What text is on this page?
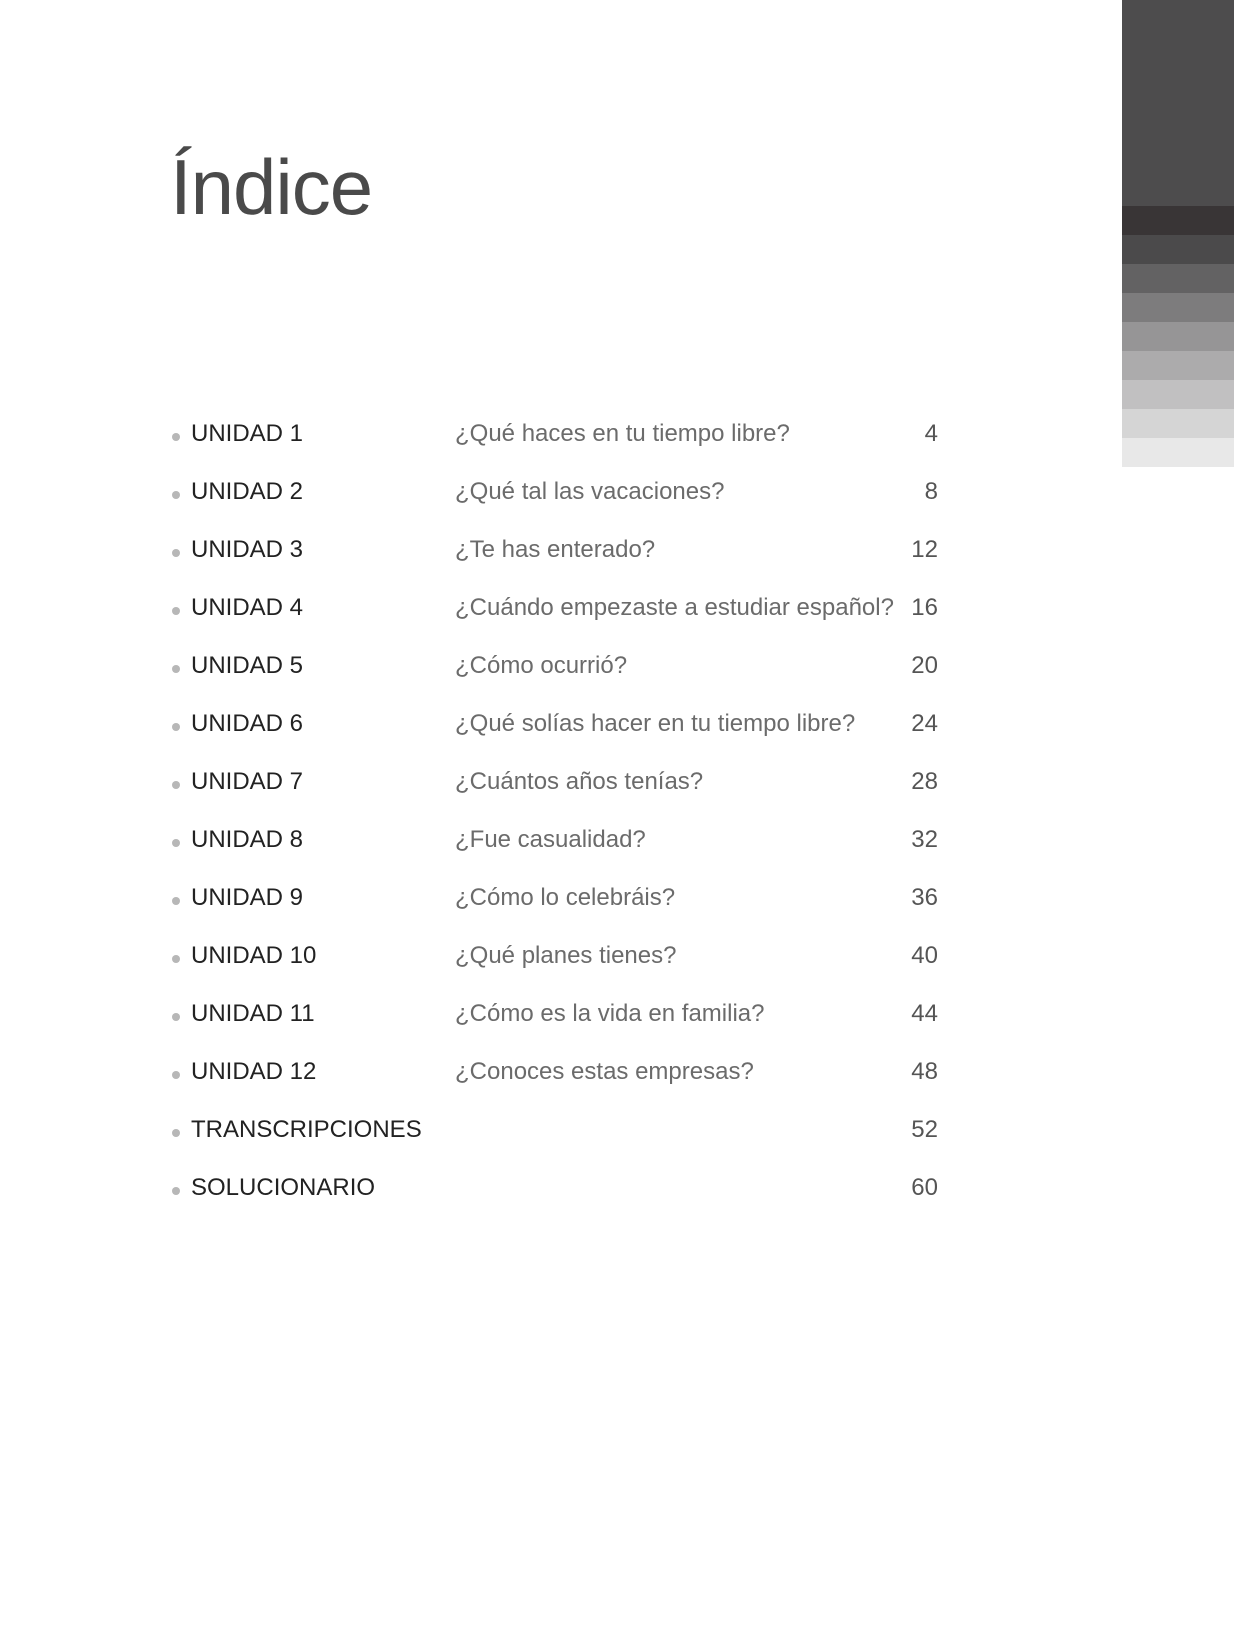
Índice
UNIDAD 1	¿Qué haces en tu tiempo libre?	4
UNIDAD 2	¿Qué tal las vacaciones?	8
UNIDAD 3	¿Te has enterado?	12
UNIDAD 4	¿Cuándo empezaste a estudiar español? 16
UNIDAD 5	¿Cómo ocurrió?	20
UNIDAD 6	¿Qué solías hacer en tu tiempo libre? 24
UNIDAD 7	¿Cuántos años tenías?	28
UNIDAD 8	¿Fue casualidad?	32
UNIDAD 9	¿Cómo lo celebráis?	36
UNIDAD 10	¿Qué planes tienes?	40
UNIDAD 11	¿Cómo es la vida en familia?	44
UNIDAD 12	¿Conoces estas empresas?	48
TRANSCRIPCIONES	52
SOLUCIONARIO	60
